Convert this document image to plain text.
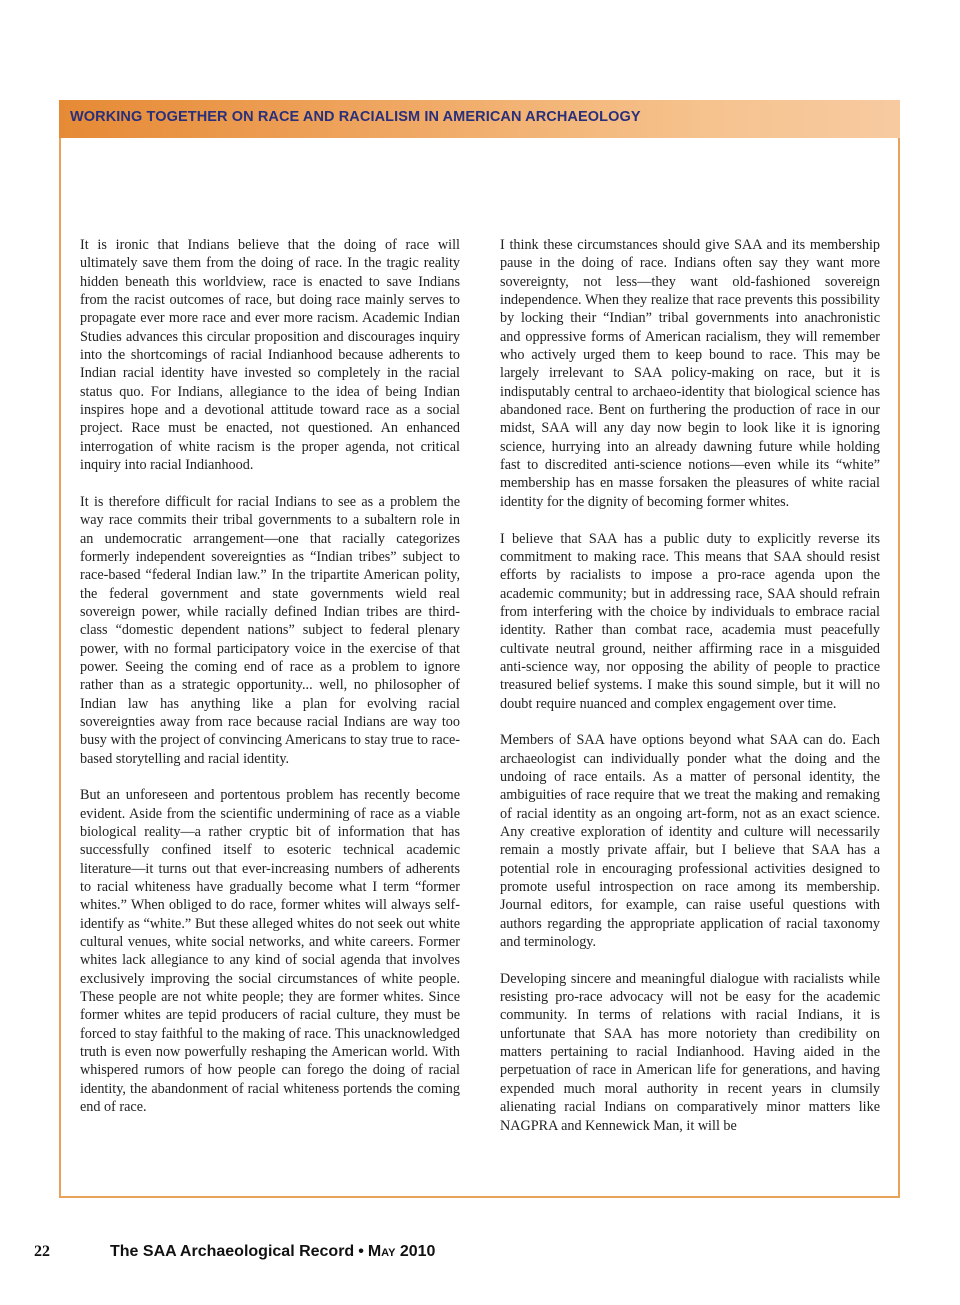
WORKING TOGETHER ON RACE AND RACIALISM IN AMERICAN ARCHAEOLOGY

It is ironic that Indians believe that the doing of race will ultimately save them from the doing of race. In the tragic reality hidden beneath this worldview, race is enacted to save Indians from the racist outcomes of race, but doing race mainly serves to propagate ever more race and ever more racism. Academic Indian Studies advances this circular proposition and discourages inquiry into the shortcomings of racial Indianhood because adherents to Indian racial identity have invested so completely in the racial status quo. For Indians, allegiance to the idea of being Indian inspires hope and a devotional attitude toward race as a social project. Race must be enacted, not questioned. An enhanced interrogation of white racism is the proper agenda, not critical inquiry into racial Indianhood.

It is therefore difficult for racial Indians to see as a problem the way race commits their tribal governments to a subaltern role in an undemocratic arrangement—one that racially categorizes formerly independent sovereignties as “Indian tribes” subject to race-based “federal Indian law.” In the tripartite American polity, the federal government and state governments wield real sovereign power, while racially defined Indian tribes are third-class “domestic dependent nations” subject to federal plenary power, with no formal participatory voice in the exercise of that power. Seeing the coming end of race as a problem to ignore rather than as a strategic opportunity... well, no philosopher of Indian law has anything like a plan for evolving racial sovereignties away from race because racial Indians are way too busy with the project of convincing Americans to stay true to race-based storytelling and racial identity.

But an unforeseen and portentous problem has recently become evident. Aside from the scientific undermining of race as a viable biological reality—a rather cryptic bit of information that has successfully confined itself to esoteric technical academic literature—it turns out that ever-increasing numbers of adherents to racial whiteness have gradually become what I term “former whites.” When obliged to do race, former whites will always self-identify as “white.” But these alleged whites do not seek out white cultural venues, white social networks, and white careers. Former whites lack allegiance to any kind of social agenda that involves exclusively improving the social circumstances of white people. These people are not white people; they are former whites. Since former whites are tepid producers of racial culture, they must be forced to stay faithful to the making of race. This unacknowledged truth is even now powerfully reshaping the American world. With whispered rumors of how people can forego the doing of racial identity, the abandonment of racial whiteness portends the coming end of race.

I think these circumstances should give SAA and its membership pause in the doing of race. Indians often say they want more sovereignty, not less—they want old-fashioned sovereign independence. When they realize that race prevents this possibility by locking their “Indian” tribal governments into anachronistic and oppressive forms of American racialism, they will remember who actively urged them to keep bound to race. This may be largely irrelevant to SAA policy-making on race, but it is indisputably central to archaeo-identity that biological science has abandoned race. Bent on furthering the production of race in our midst, SAA will any day now begin to look like it is ignoring science, hurrying into an already dawning future while holding fast to discredited anti-science notions—even while its “white” membership has en masse forsaken the pleasures of white racial identity for the dignity of becoming former whites.

I believe that SAA has a public duty to explicitly reverse its commitment to making race. This means that SAA should resist efforts by racialists to impose a pro-race agenda upon the academic community; but in addressing race, SAA should refrain from interfering with the choice by individuals to embrace racial identity. Rather than combat race, academia must peacefully cultivate neutral ground, neither affirming race in a misguided anti-science way, nor opposing the ability of people to practice treasured belief systems. I make this sound simple, but it will no doubt require nuanced and complex engagement over time.

Members of SAA have options beyond what SAA can do. Each archaeologist can individually ponder what the doing and the undoing of race entails. As a matter of personal identity, the ambiguities of race require that we treat the making and remaking of racial identity as an ongoing art-form, not as an exact science. Any creative exploration of identity and culture will necessarily remain a mostly private affair, but I believe that SAA has a potential role in encouraging professional activities designed to promote useful introspection on race among its membership. Journal editors, for example, can raise useful questions with authors regarding the appropriate application of racial taxonomy and terminology.

Developing sincere and meaningful dialogue with racialists while resisting pro-race advocacy will not be easy for the academic community. In terms of relations with racial Indians, it is unfortunate that SAA has more notoriety than credibility on matters pertaining to racial Indianhood. Having aided in the perpetuation of race in American life for generations, and having expended much moral authority in recent years in clumsily alienating racial Indians on comparatively minor matters like NAGPRA and Kennewick Man, it will be

22	The SAA Archaeological Record • May 2010
